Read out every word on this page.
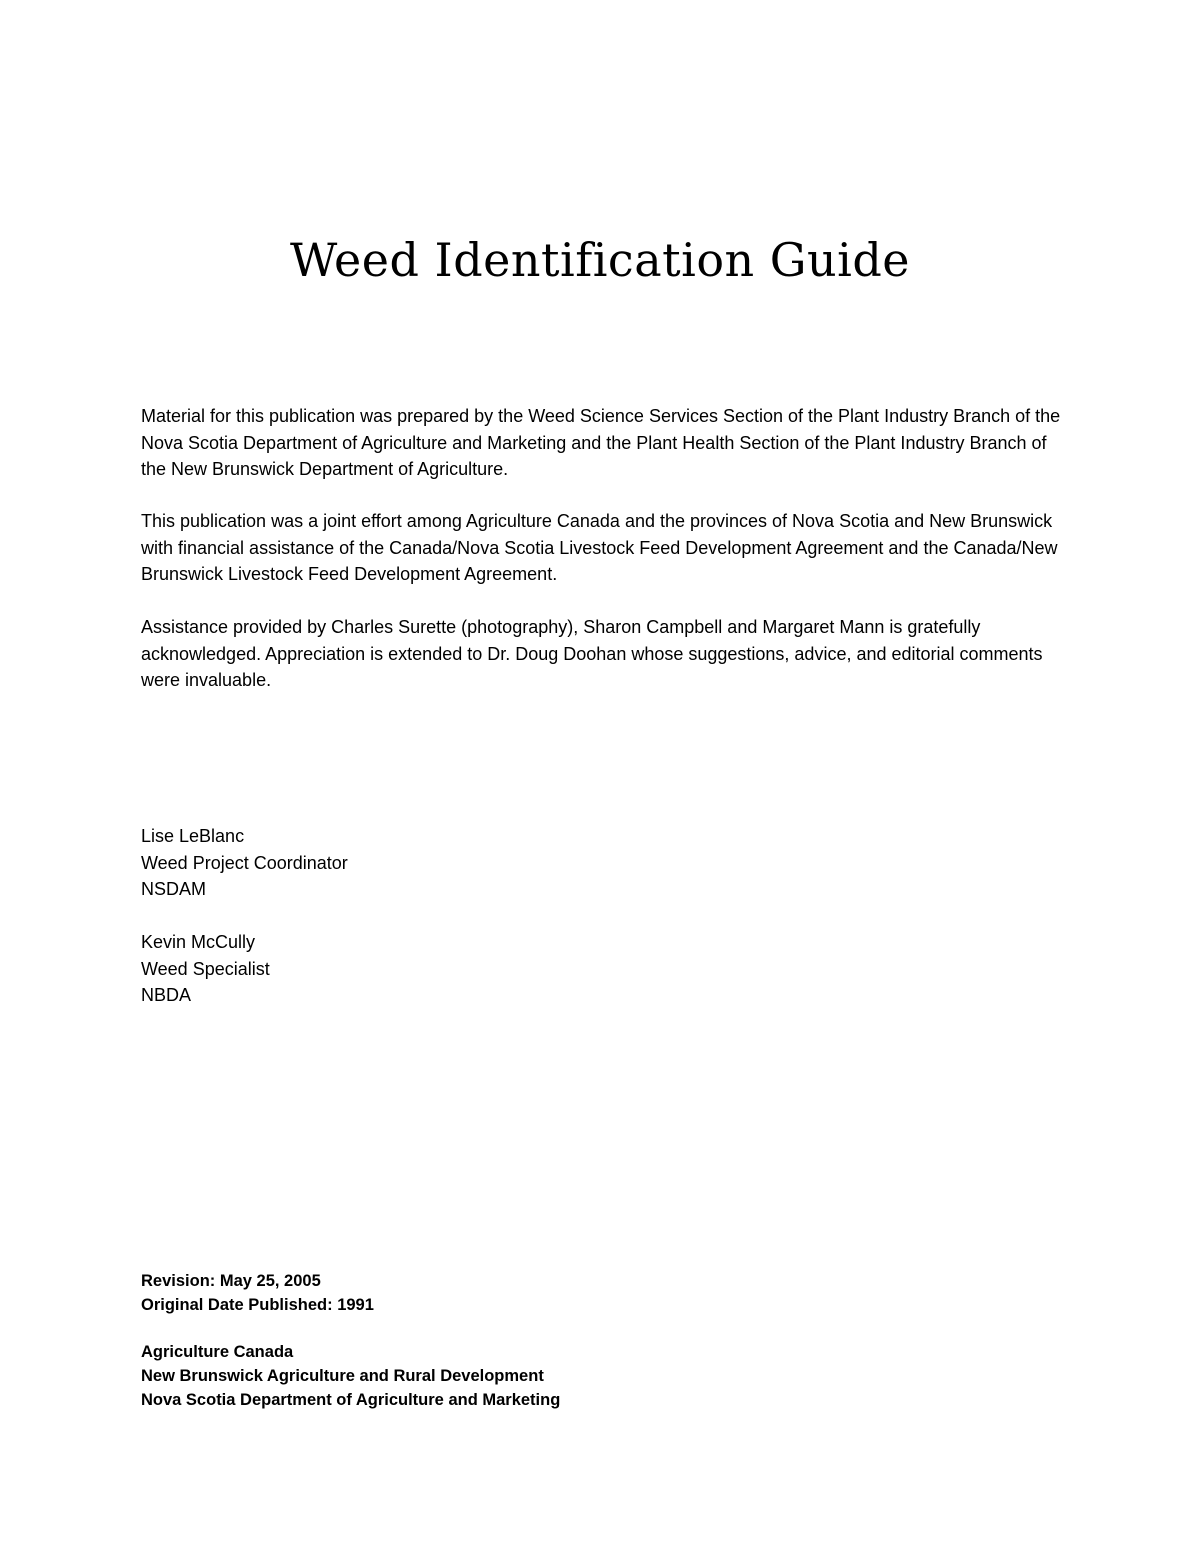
Weed Identification Guide

Material for this publication was prepared by the Weed Science Services Section of the Plant Industry Branch of the Nova Scotia Department of Agriculture and Marketing and the Plant Health Section of the Plant Industry Branch of the New Brunswick Department of Agriculture.

This publication was a joint effort among Agriculture Canada and the provinces of Nova Scotia and New Brunswick with financial assistance of the Canada/Nova Scotia Livestock Feed Development Agreement and the Canada/New Brunswick Livestock Feed Development Agreement.

Assistance provided by Charles Surette (photography), Sharon Campbell and Margaret Mann is gratefully acknowledged. Appreciation is extended to Dr. Doug Doohan whose suggestions, advice, and editorial comments were invaluable.

Lise LeBlanc
Weed Project Coordinator
NSDAM
Kevin McCully
Weed Specialist
NBDA
Revision: May 25, 2005
Original Date Published: 1991
Agriculture Canada
New Brunswick Agriculture and Rural Development
Nova Scotia Department of Agriculture and Marketing
